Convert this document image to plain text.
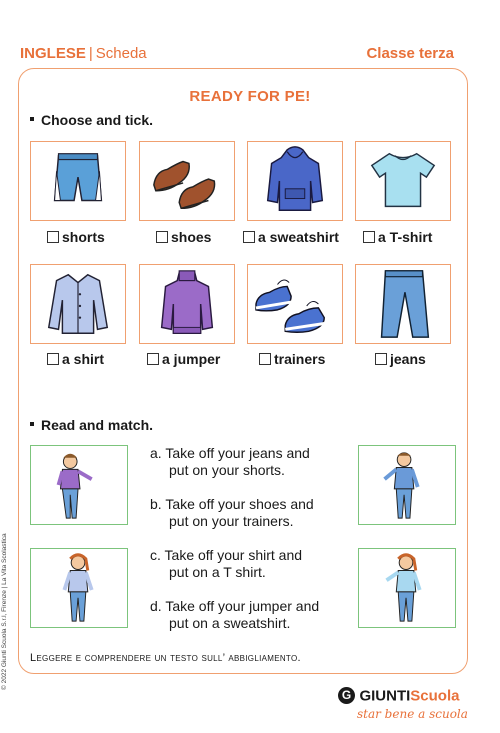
INGLESE | Scheda	Classe terza
READY FOR PE!
Choose and tick.
shorts	shoes	a sweatshirt	a T-shirt
a shirt	a jumper	trainers	jeans
Read and match.
a. Take off your jeans and
put on your shorts.
b. Take off your shoes and
put on your trainers.
c. Take off your shirt and
put on a T shirt.
d. Take off your jumper and
put on a sweatshirt.
Leggere e comprendere un testo sull’ abbigliamento.
© 2022 Giunti Scuola S.r.l, Firenze | La Vita Scolastica
G GIUNTIScuola
star bene a scuola
